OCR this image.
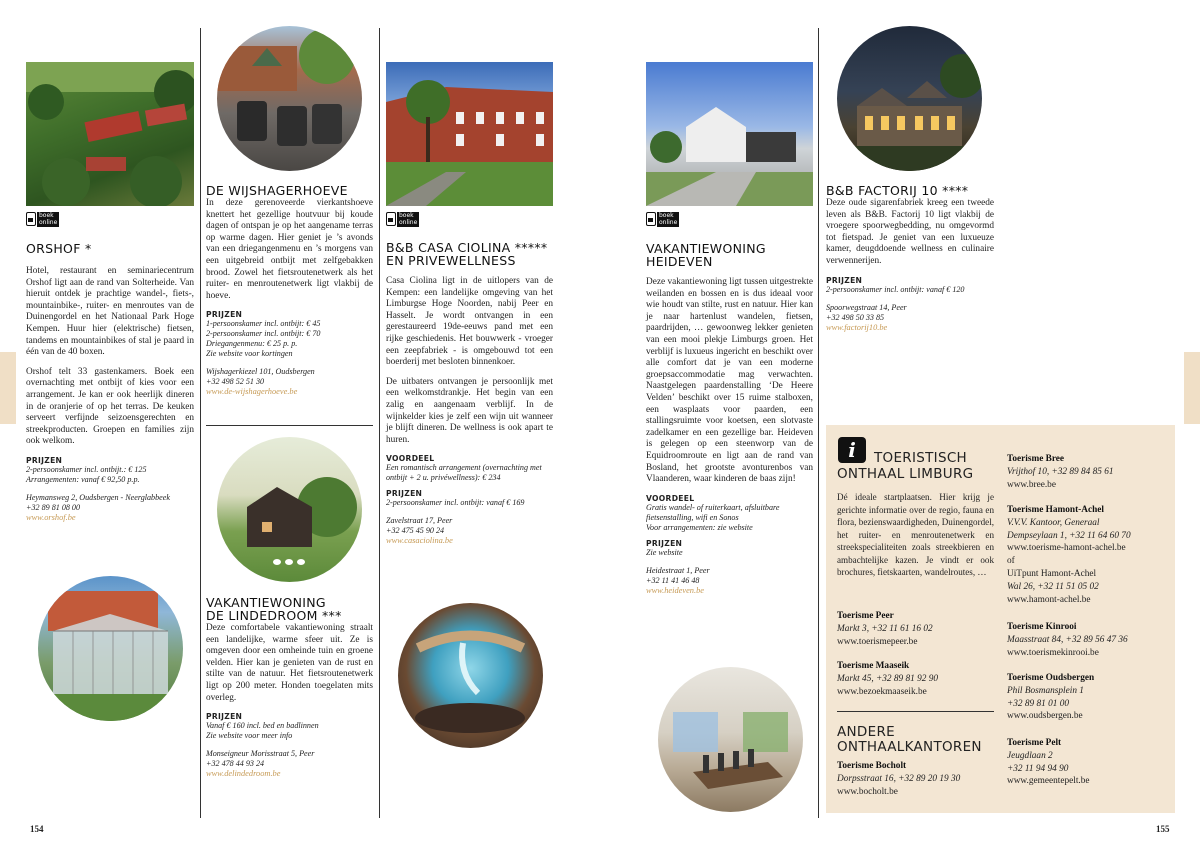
boek
online
ORSHOF *

Hotel, restaurant en seminariecentrum Orshof ligt aan de rand van Solterheide. Van hieruit ontdek je prachtige wandel-, fiets-, mountainbike-, ruiter- en menroutes van de Duinengordel en het Nationaal Park Hoge Kempen. Huur hier (elektrische) fietsen, tandems en mountainbikes of stal je paard in één van de 40 boxen.

Orshof telt 33 gastenkamers. Boek een overnachting met ontbijt of kies voor een arrangement. Je kan er ook heerlijk dineren in de oranjerie of op het terras. De keuken serveert verfijnde seizoensgerechten en streekproducten. Groepen en families zijn ook welkom.

PRIJZEN
2-persoonskamer incl. ontbijt.: € 125
Arrangementen: vanaf € 92,50 p.p.
Heymansweg 2, Oudsbergen - Neerglabbeek
+32 89 81 08 00
www.orshof.be
DE WIJSHAGERHOEVE

In deze gerenoveerde vierkantshoeve knettert het gezellige houtvuur bij koude dagen of ontspan je op het aangename terras op warme dagen. Hier geniet je ’s avonds van een driegangenmenu en ’s morgens van een uitgebreid ontbijt met zelfgebakken brood. Zowel het fietsroutenetwerk als het ruiter- en menroutenetwerk ligt vlakbij de hoeve.

PRIJZEN
1-persoonskamer incl. ontbijt: € 45
2-persoonskamer incl. ontbijt: € 70
Driegangenmenu: € 25 p. p.
Zie website voor kortingen
Wijshagerkiezel 101, Oudsbergen
+32 498 52 51 30
www.de-wijshagerhoeve.be
VAKANTIEWONING
DE LINDEDROOM ***

Deze comfortabele vakantiewoning straalt een landelijke, warme sfeer uit. Ze is omgeven door een omheinde tuin en groene velden. Hier kan je genieten van de rust en stilte van de natuur. Het fietsroutenetwerk ligt op 200 meter. Honden toegelaten mits overleg.

PRIJZEN
Vanaf € 160 incl. bed en badlinnen
Zie website voor meer info
Monseigneur Morisstraat 5, Peer
+32 478 44 93 24
www.delindedroom.be
boek
online
B&B CASA CIOLINA *****
EN PRIVEWELLNESS

Casa Ciolina ligt in de uitlopers van de Kempen: een landelijke omgeving van het Limburgse Hoge Noorden, nabij Peer en Hasselt. Je wordt ontvangen in een gerestaureerd 19de-eeuws pand met een rijke geschiedenis. Het bouwwerk - vroeger een zeepfabriek - is omgebouwd tot een boerderij met besloten binnenkoer.

De uitbaters ontvangen je persoonlijk met een welkomstdrankje. Het begin van een zalig en aangenaam verblijf. In de wijnkelder kies je zelf een wijn uit wanneer je blijft dineren. De wellness is ook apart te huren.

VOORDEEL
Een romantisch arrangement (overnachting met ontbijt + 2 u. privéwellness): € 234
PRIJZEN
2-persoonskamer incl. ontbijt: vanaf € 169
Zavelstraat 17, Peer
+32 475 45 90 24
www.casaciolina.be
boek
online
VAKANTIEWONING
HEIDEVEN

Deze vakantiewoning ligt tussen uitgestrekte weilanden en bossen en is dus ideaal voor wie houdt van stilte, rust en natuur. Hier kan je naar hartenlust wandelen, fietsen, paardrijden, … gewoonweg lekker genieten van een mooi plekje Limburgs groen. Het verblijf is luxueus ingericht en beschikt over alle comfort dat je van een moderne groepsaccommodatie mag verwachten. Naastgelegen paardenstalling ‘De Heere Velden’ beschikt over 15 ruime stalboxen, een wasplaats voor paarden, een stallingsruimte voor koetsen, een slotvaste zadelkamer en een gezellige bar. Heideven is gelegen op een steenworp van de Equidroomroute en ligt aan de rand van Bosland, het grootste avonturenbos van Vlaanderen, waar kinderen de baas zijn!

VOORDEEL
Gratis wandel- of ruiterkaart, afsluitbare fietsenstalling, wifi en Sonos
Voor arrangementen: zie website
PRIJZEN
Zie website
Heidestraat 1, Peer
+32 11 41 46 48
www.heideven.be
B&B FACTORIJ 10 ****

Deze oude sigarenfabriek kreeg een tweede leven als B&B. Factorij 10 ligt vlakbij de vroegere spoorwegbedding, nu omgevormd tot fietspad. Je geniet van een luxueuze kamer, deugddoende wellness en culinaire verwennerijen.

PRIJZEN
2-persoonskamer incl. ontbijt: vanaf € 120
Spoorwegstraat 14, Peer
+32 498 50 33 85
www.factorij10.be
i	TOERISTISCH
ONTHAAL LIMBURG
Dé ideale startplaatsen. Hier krijg je gerichte informatie over de regio, fauna en flora, bezienswaardigheden, Duinengordel, het ruiter- en menroutenetwerk en streekspecialiteiten zoals streekbieren en ambachtelijke kazen. Je vindt er ook brochures, fietskaarten, wandelroutes, …
Toerisme Peer
Markt 3, +32 11 61 16 02
www.toerismepeer.be
Toerisme Maaseik
Markt 45, +32 89 81 92 90
www.bezoekmaaseik.be
ANDERE
ONTHAALKANTOREN
Toerisme Bocholt
Dorpsstraat 16, +32 89 20 19 30
www.bocholt.be
Toerisme Bree
Vrijthof 10, +32 89 84 85 61
www.bree.be
Toerisme Hamont-Achel
V.V.V. Kantoor, Generaal
Dempseylaan 1, +32 11 64 60 70
www.toerisme-hamont-achel.be
of
UiTpunt Hamont-Achel
Wal 26, +32 11 51 05 02
www.hamont-achel.be
Toerisme Kinrooi
Maasstraat 84, +32 89 56 47 36
www.toerismekinrooi.be
Toerisme Oudsbergen
Phil Bosmansplein 1
+32 89 81 01 00
www.oudsbergen.be
Toerisme Pelt
Jeugdlaan 2
+32 11 94 94 90
www.gemeentepelt.be
154	155
